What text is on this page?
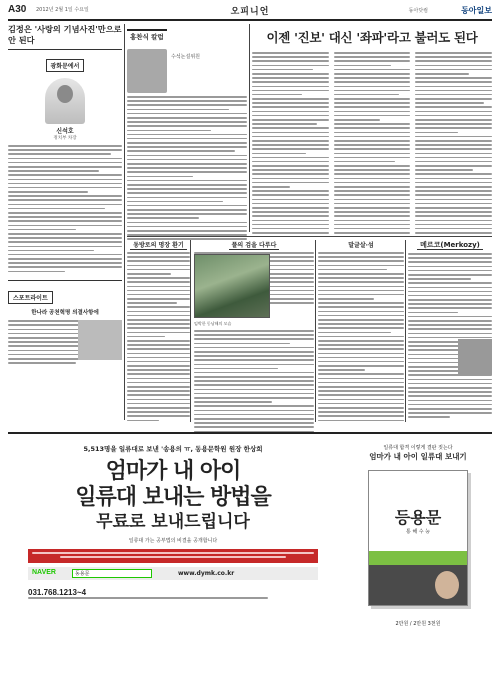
A30 2012년 2월 1일 수요일	오피니언	동아닷컴	동아일보
김정은 '사랑의 기념사진'만으로 안 된다
광화문에서
신석호
정치부 차장
스포트라이트
한나라 공천혁명 의결사항에
홍찬식 칼럼
수석논설위원
이젠 '진보' 대신 '좌파'라고 불러도 된다
동방로의 명장 환기	풀의 검을 다루다
임박한 동남해의 모습
말글살·섬	메르코(Merkozy)
5,513명을 일류대로 보낸 '송용의 ㅠ, 동용문학원 원장 한상희
엄마가 내 아이
일류대 보내는 방법을
무료로 보내드립니다
일류대 가는 공부법의 비결을 공개합니다
NAVER	동용문	www.dymk.co.kr
031.768.1213~4
일류대 합격 이렇게 결판 짓는다
엄마가 내 아이 일류대 보내기
등용문
통 해 수 능
2만원 / 2만원 3천원
